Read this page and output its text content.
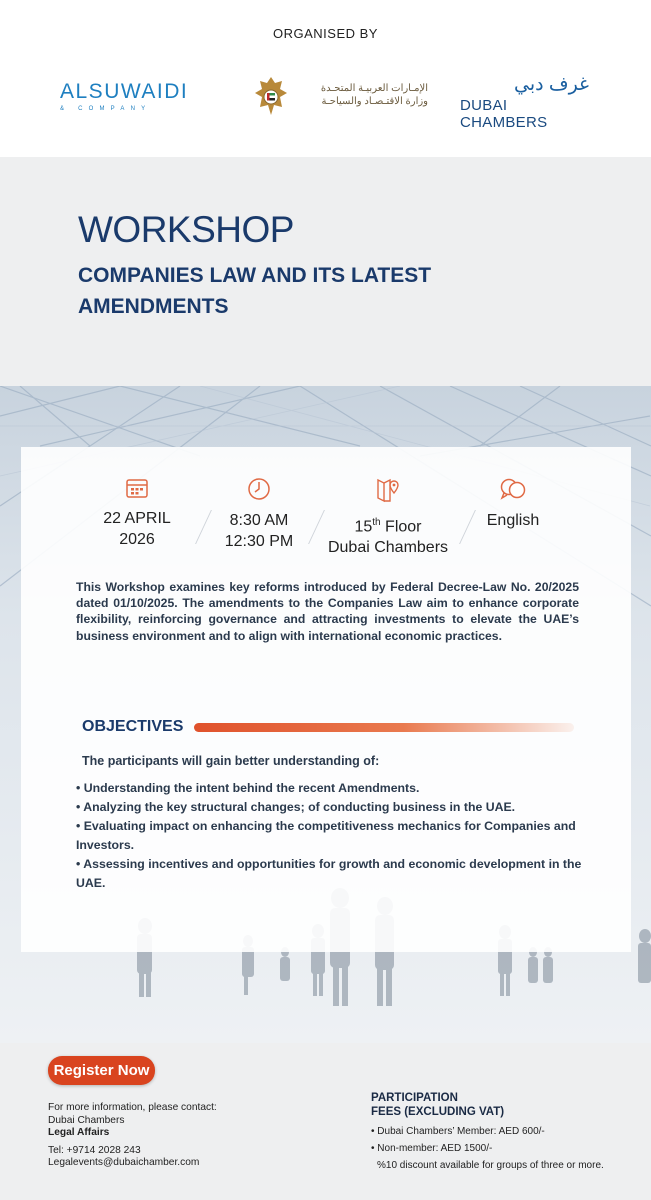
ORGANISED BY
ALSUWAIDI
& COMPANY
الإمـارات العربيـة المتحـدة
وزارة الاقتـصـاد والسياحـة
غرف دبي
DUBAI CHAMBERS
WORKSHOP
COMPANIES LAW AND ITS LATEST AMENDMENTS
22 APRIL
2026
8:30 AM
12:30 PM
15th Floor
Dubai Chambers
English
This Workshop examines key reforms introduced by Federal Decree-Law No. 20/2025 dated 01/10/2025. The amendments to the Companies Law aim to enhance corporate flexibility, reinforcing governance and attracting investments to elevate the UAE’s business environment and to align with international economic practices.
OBJECTIVES
The participants will gain better understanding of:
• Understanding the intent behind the recent Amendments.
• Analyzing the key structural changes; of conducting business in the UAE.
• Evaluating impact on enhancing the competitiveness mechanics for Companies and Investors.
• Assessing incentives and opportunities for growth and economic development in the UAE.
Register Now
For more information, please contact:
Dubai Chambers
Legal Affairs
Tel: +9714 2028 243
Legalevents@dubaichamber.com
PARTICIPATION
FEES (EXCLUDING VAT)
• Dubai Chambers’ Member: AED 600/-
• Non-member: AED 1500/-
%10 discount available for groups of three or more.
